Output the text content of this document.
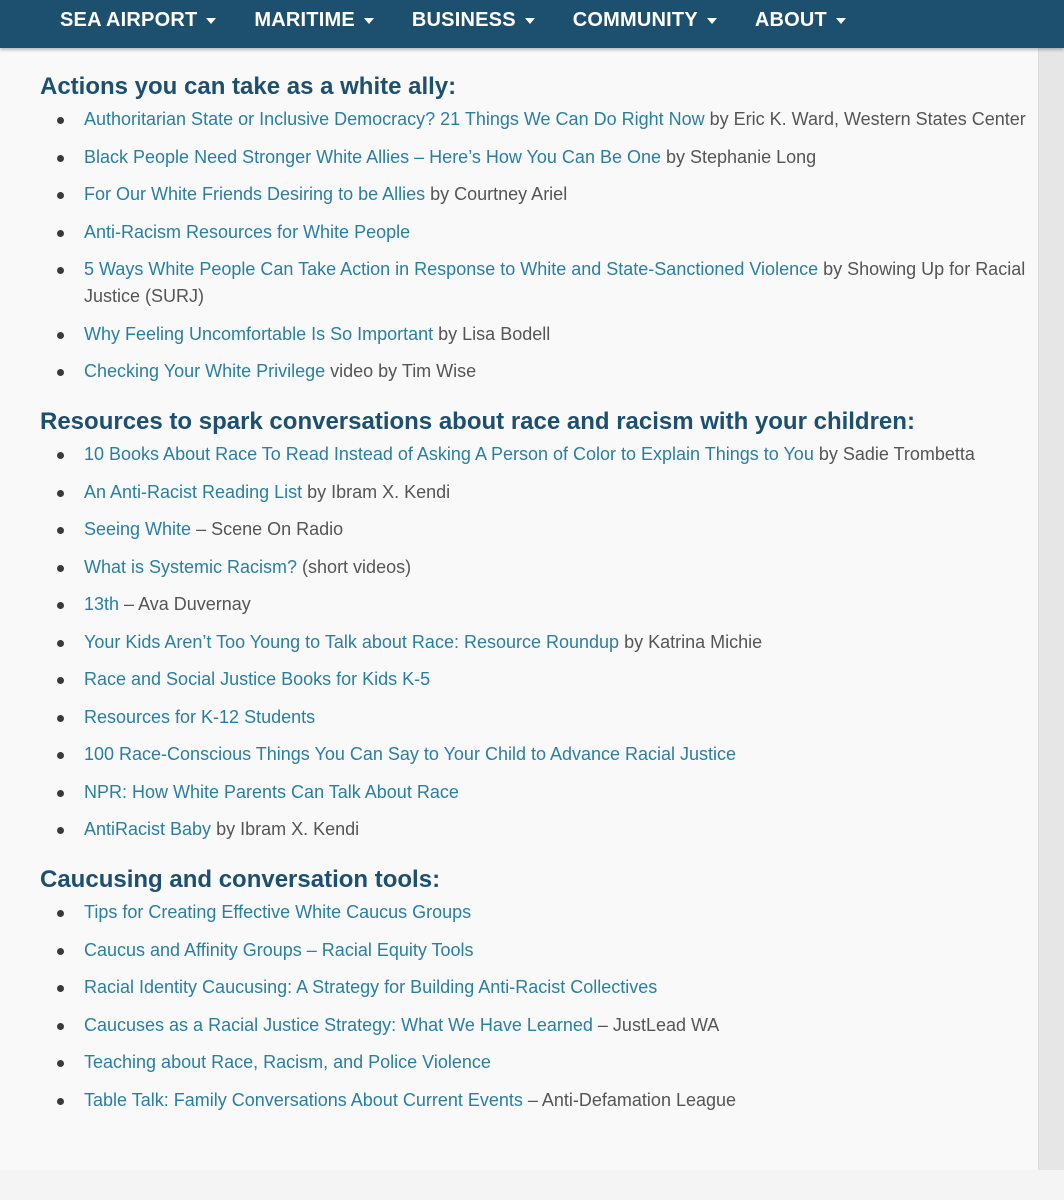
SEA AIRPORT	MARITIME	BUSINESS	COMMUNITY	ABOUT
Actions you can take as a white ally:
Authoritarian State or Inclusive Democracy? 21 Things We Can Do Right Now by Eric K. Ward, Western States Center
Black People Need Stronger White Allies – Here’s How You Can Be One by Stephanie Long
For Our White Friends Desiring to be Allies by Courtney Ariel
Anti-Racism Resources for White People
5 Ways White People Can Take Action in Response to White and State-Sanctioned Violence by Showing Up for Racial Justice (SURJ)
Why Feeling Uncomfortable Is So Important by Lisa Bodell
Checking Your White Privilege video by Tim Wise
Resources to spark conversations about race and racism with your children:
10 Books About Race To Read Instead of Asking A Person of Color to Explain Things to You by Sadie Trombetta
An Anti-Racist Reading List by Ibram X. Kendi
Seeing White – Scene On Radio
What is Systemic Racism? (short videos)
13th – Ava Duvernay
Your Kids Aren’t Too Young to Talk about Race: Resource Roundup by Katrina Michie
Race and Social Justice Books for Kids K-5
Resources for K-12 Students
100 Race-Conscious Things You Can Say to Your Child to Advance Racial Justice
NPR: How White Parents Can Talk About Race
AntiRacist Baby by Ibram X. Kendi
Caucusing and conversation tools:
Tips for Creating Effective White Caucus Groups
Caucus and Affinity Groups – Racial Equity Tools
Racial Identity Caucusing: A Strategy for Building Anti-Racist Collectives
Caucuses as a Racial Justice Strategy: What We Have Learned – JustLead WA
Teaching about Race, Racism, and Police Violence
Table Talk: Family Conversations About Current Events – Anti-Defamation League
